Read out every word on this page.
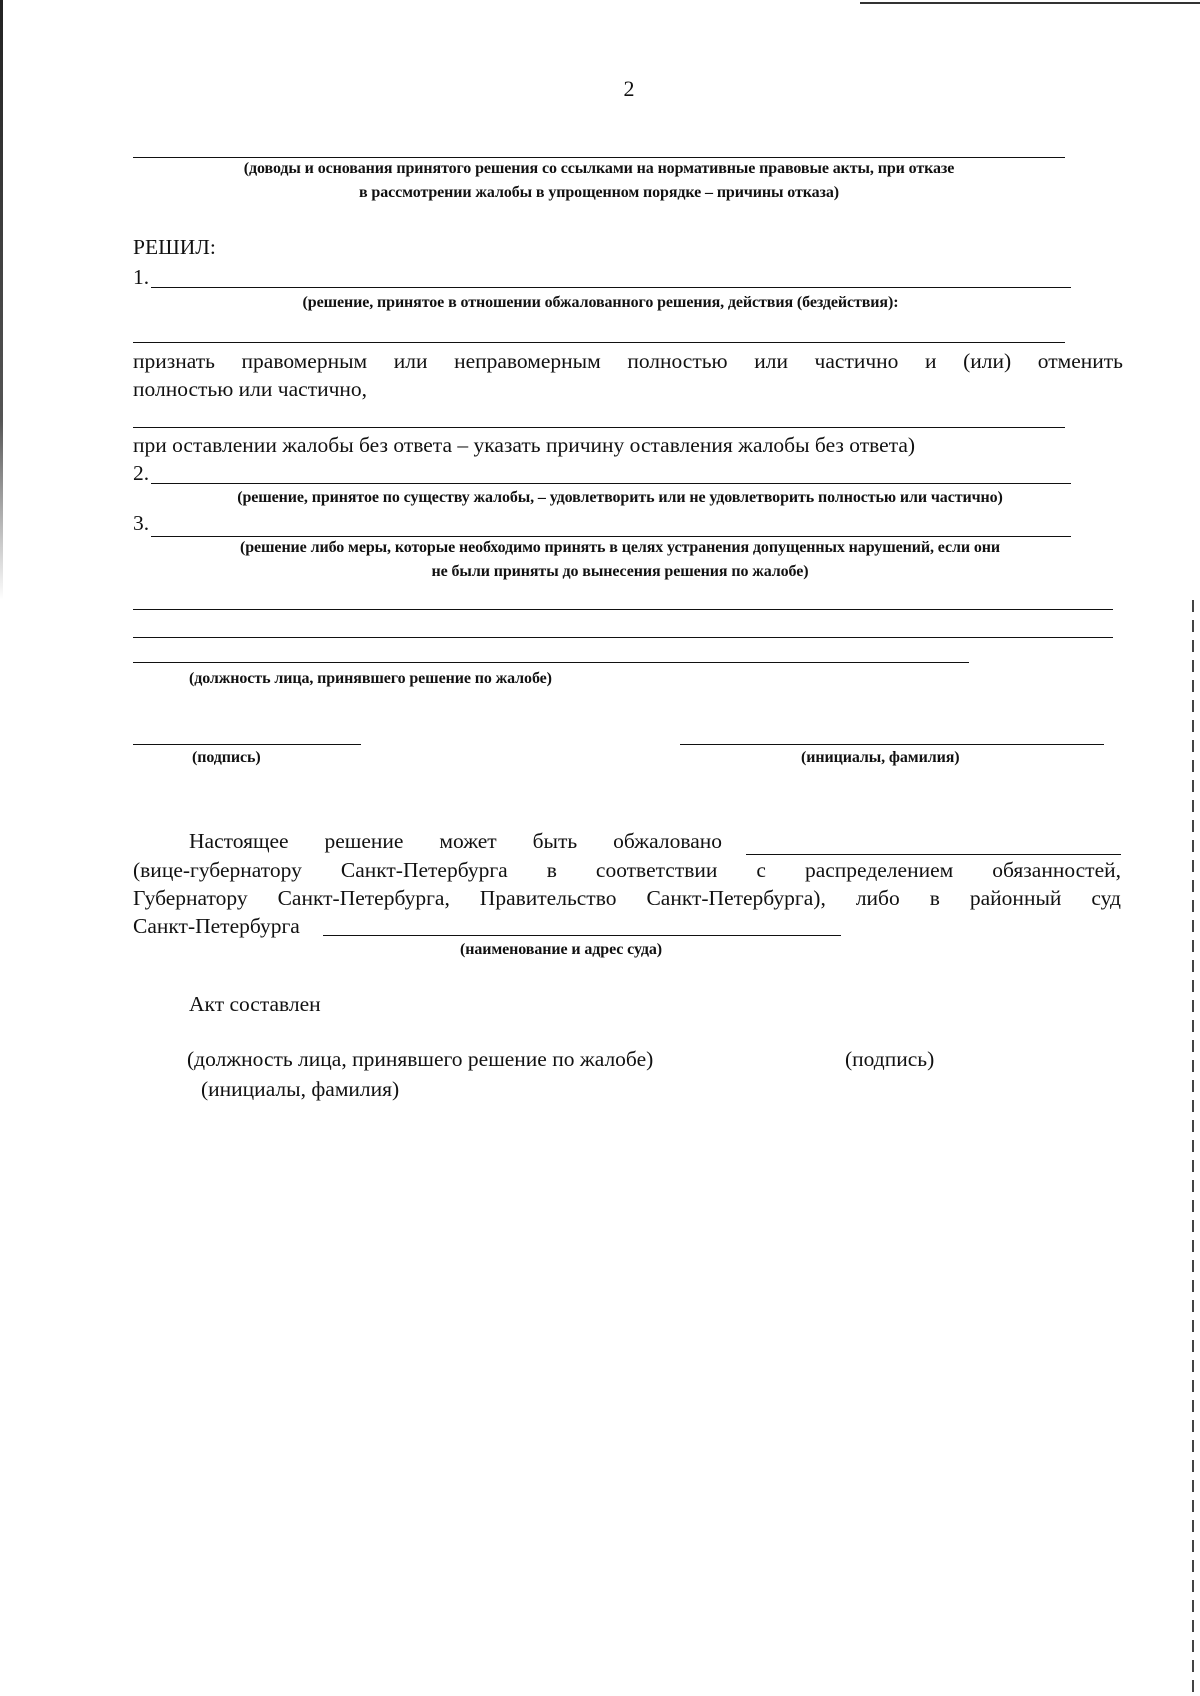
2
(доводы и основания принятого решения со ссылками на нормативные правовые акты, при отказе
в рассмотрении жалобы в упрощенном порядке – причины отказа)
РЕШИЛ:
1.
(решение, принятое в отношении обжалованного решения, действия (бездействия):
признать правомерным или неправомерным полностью или частично и (или) отменить
полностью или частично,
при оставлении жалобы без ответа – указать причину оставления жалобы без ответа)
2.
(решение, принятое по существу жалобы, – удовлетворить или не удовлетворить полностью или частично)
3.
(решение либо меры, которые необходимо принять в целях устранения допущенных нарушений, если они
не были приняты до вынесения решения по жалобе)
(должность лица, принявшего решение по жалобе)
(подпись)	(инициалы, фамилия)
Настоящее решение может быть обжаловано
(вице-губернатору Санкт-Петербурга в соответствии с распределением обязанностей,
Губернатору Санкт-Петербурга, Правительство Санкт-Петербурга), либо в районный суд
Санкт-Петербурга
(наименование и адрес суда)
Акт составлен
(должность лица, принявшего решение по жалобе)	(подпись)
(инициалы, фамилия)
